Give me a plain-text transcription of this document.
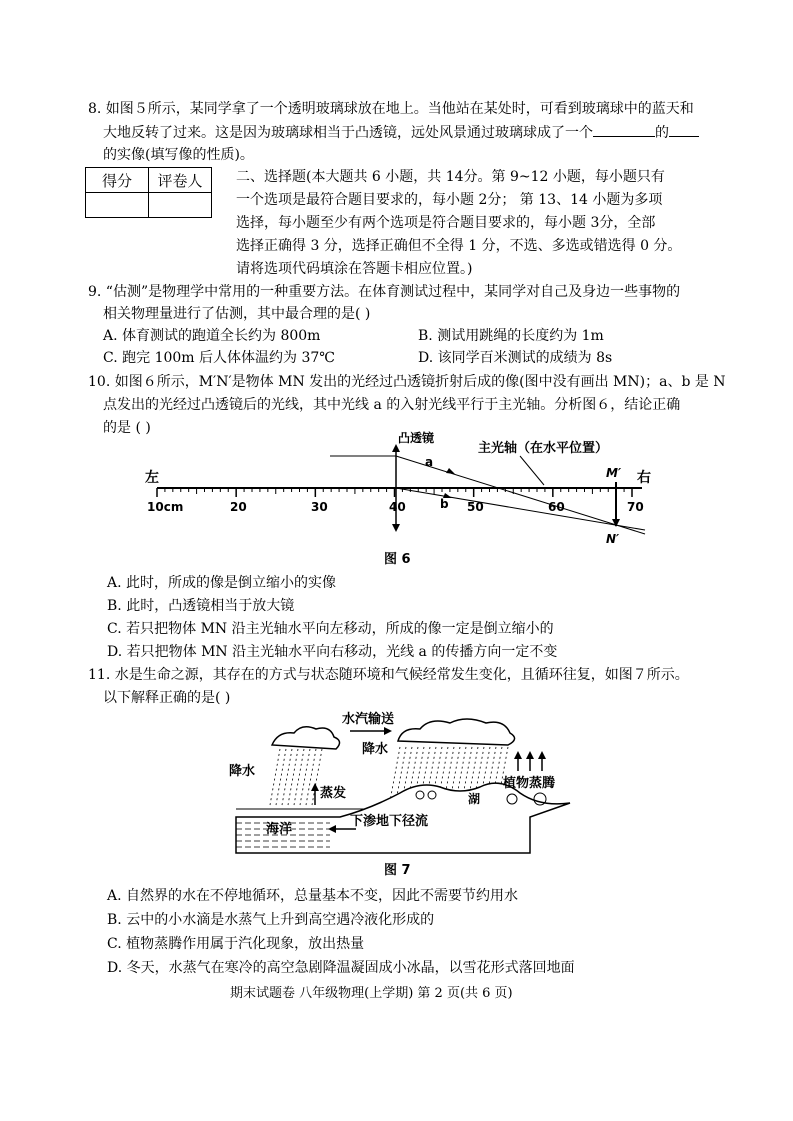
8. 如图５所示，某同学拿了一个透明玻璃球放在地上。当他站在某处时，可看到玻璃球中的蓝天和
大地反转了过来。这是因为玻璃球相当于凸透镜，远处风景通过玻璃球成了一个	的
的实像(填写像的性质)。
得分	评卷人
	二、选择题(本大题共 6 小题，共 14分。第 9~12 小题，每小题只有
一个选项是最符合题目要求的，每小题 2分； 第 13、14 小题为多项
选择，每小题至少有两个选项是符合题目要求的，每小题 3分，全部
选择正确得 3 分，选择正确但不全得 1 分，不选、多选或错选得 0 分。
请将选项代码填涂在答题卡相应位置。)
9. “估测”是物理学中常用的一种重要方法。在体育测试过程中，某同学对自己及身边一些事物的
相关物理量进行了估测，其中最合理的是( )
A. 体育测试的跑道全长约为 800m	B. 测试用跳绳的长度约为 1m
C. 跑完 100m 后人体体温约为 37℃	D. 该同学百米测试的成绩为 8s
10. 如图６所示，M′N′是物体 MN 发出的光经过凸透镜折射后成的像(图中没有画出 MN)；a、b 是 N
点发出的光经过凸透镜后的光线，其中光线 a 的入射光线平行于主光轴。分析图６，结论正确
的是 ( )
左	右
10cm	20	30	40	50	60	70
凸透镜
M′
N′
a
b
主光轴（在水平位置）
图 6
A. 此时，所成的像是倒立缩小的实像
B. 此时，凸透镜相当于放大镜
C. 若只把物体 MN 沿主光轴水平向左移动，所成的像一定是倒立缩小的
D. 若只把物体 MN 沿主光轴水平向右移动，光线 a 的传播方向一定不变
11. 水是生命之源，其存在的方式与状态随环境和气候经常发生变化，且循环往复，如图７所示。
以下解释正确的是( )
水汽输送
降水
降水
蒸发
海洋
下渗地下径流
湖
植物蒸腾
图 7
A. 自然界的水在不停地循环，总量基本不变，因此不需要节约用水
B. 云中的小水滴是水蒸气上升到高空遇冷液化形成的
C. 植物蒸腾作用属于汽化现象，放出热量
D. 冬天，水蒸气在寒冷的高空急剧降温凝固成小冰晶，以雪花形式落回地面
期末试题卷 八年级物理(上学期) 第 2 页(共 6 页)
